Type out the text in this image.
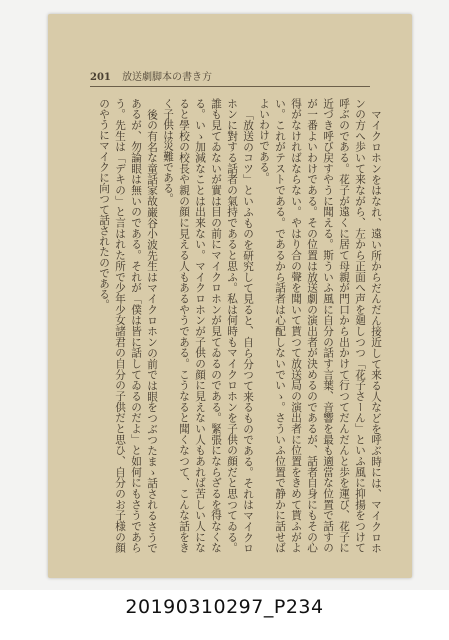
201 放送劇脚本の書き方

マイクロホンをはなれ、遠い所からだんだん接近して来る人などを呼ぶ時には、マイクロホンの方へ歩いて来ながら、左から正面へ声を廻しつつ「花子さーん」といふ風に抑揚をつけて呼ぶのである。花子が遠くに居て母親が門口から出かけて行つてだんだんと歩を運び、花子に近づき呼び戻すやうに聞える。斯ういふ風に自分の話す言葉、音響を最も適當な位置で話すのが一番よいわけである。その位置は放送劇の演出者が決めるのであるが、話者自身にもその心得がなければならない。やはり合の聲を聞いて貰つて放送局の演出者に位置をきめて貰ふがよい。これがテストである。であるから話者は心配しないでいゝ。さういふ位置で静かに話せばよいわけである。

「放送のコツ」といふものを研究して見ると、自ら分つて来るものである。それはマイクロホンに對する話者の氣持であると思ふ。私は何時もマイクロホンを子供の顔だと思つてゐる。誰も見てゐないが實は目の前にマイクロホンが見てゐるのである。緊張にならざるを得なくなる。いゝ加減なことは出来ない。マイクロホンが子供の顔に見えない人もあれば苦しい人になると學校の校長や親の顔に見える人もあるやうである。こうなると聞くなつて、こんな話をきく子供は災難である。

後の有名な童話家故巌谷小波先生はマイクロホンの前では眼をつぶつたまゝ話されるさうであるが、勿論眼は無いのである。それが「僕は皆に話してゐるのだよ」と如何にもさうであらう。先生は「デキの」と言はれた所で少年少女諸君の自分の子供だと思ひ、自分のお子様の顔のやうにマイクに向つて話されたのである。

20190310297_P234
